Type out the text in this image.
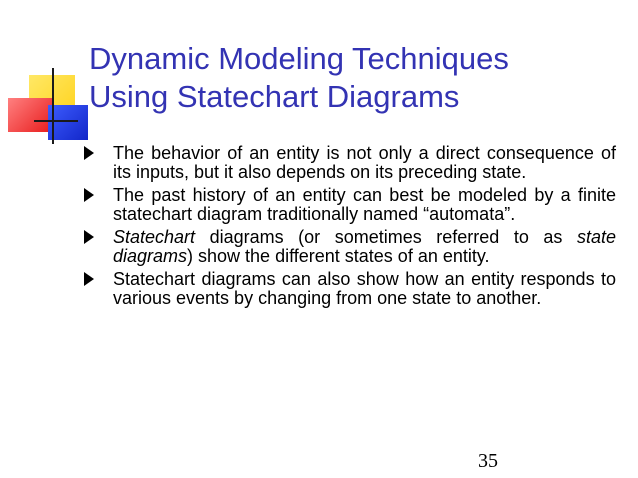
Dynamic Modeling Techniques
Using Statechart Diagrams
The behavior of an entity is not only a direct consequence of its inputs, but it also depends on its preceding state.
The past history of an entity can best be modeled by a finite statechart diagram traditionally named “automata”.
Statechart diagrams (or sometimes referred to as state diagrams) show the different states of an entity.
Statechart diagrams can also show how an entity responds to various events by changing from one state to another.
35
